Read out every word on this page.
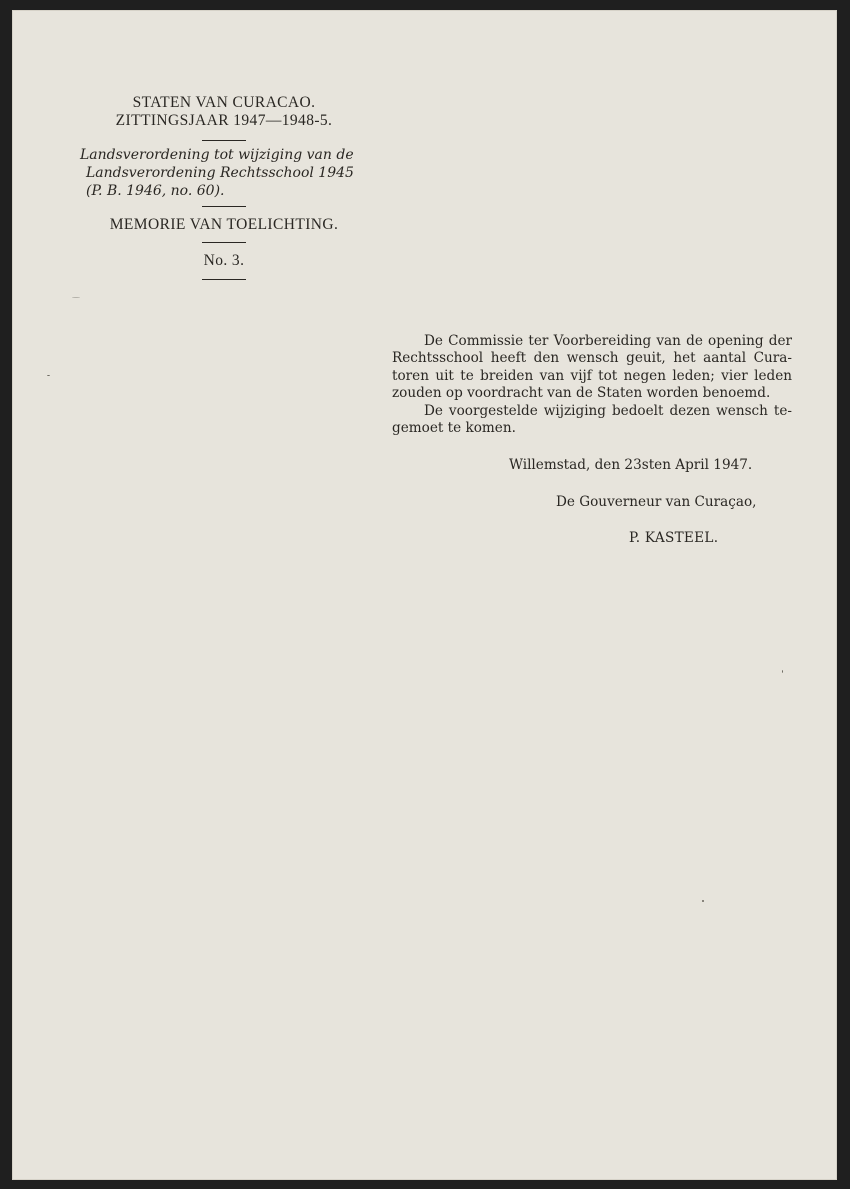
STATEN VAN CURACAO.
ZITTINGSJAAR 1947—1948-5.
Landsverordening tot wijziging van de
Landsverordening Rechtsschool 1945
(P. B. 1946, no. 60).
MEMORIE VAN TOELICHTING.
No. 3.
De Commissie ter Voorbereiding van de opening der
Rechtsschool heeft den wensch geuit, het aantal Cura-
toren uit te breiden van vijf tot negen leden; vier leden
zouden op voordracht van de Staten worden benoemd.
De voorgestelde wijziging bedoelt dezen wensch te-
gemoet te komen.
Willemstad, den 23sten April 1947.
De Gouverneur van Curaçao,
P. KASTEEL.
